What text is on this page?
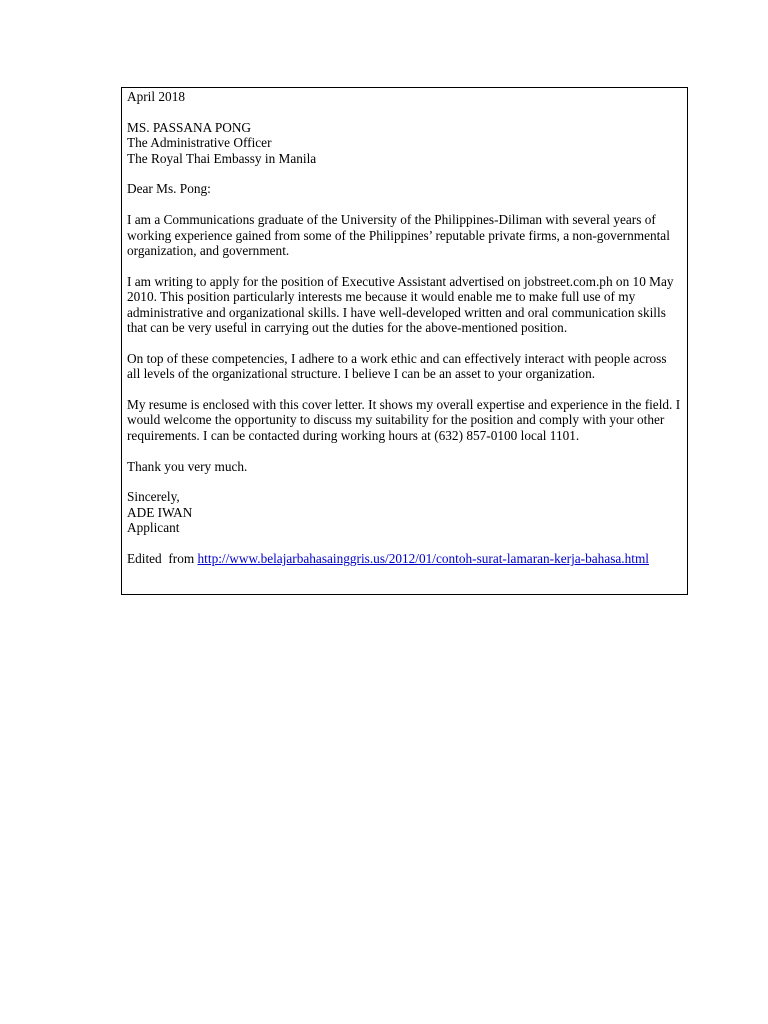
April 2018

MS. PASSANA PONG
The Administrative Officer
The Royal Thai Embassy in Manila

Dear Ms. Pong:

I am a Communications graduate of the University of the Philippines-Diliman with several years of working experience gained from some of the Philippines’ reputable private firms, a non-governmental organization, and government.

I am writing to apply for the position of Executive Assistant advertised on jobstreet.com.ph on 10 May 2010. This position particularly interests me because it would enable me to make full use of my administrative and organizational skills. I have well-developed written and oral communication skills that can be very useful in carrying out the duties for the above-mentioned position.

On top of these competencies, I adhere to a work ethic and can effectively interact with people across all levels of the organizational structure. I believe I can be an asset to your organization.

My resume is enclosed with this cover letter. It shows my overall expertise and experience in the field. I would welcome the opportunity to discuss my suitability for the position and comply with your other requirements. I can be contacted during working hours at (632) 857-0100 local 1101.

Thank you very much.

Sincerely,
ADE IWAN
Applicant

Edited  from http://www.belajarbahasainggris.us/2012/01/contoh-surat-lamaran-kerja-bahasa.html
